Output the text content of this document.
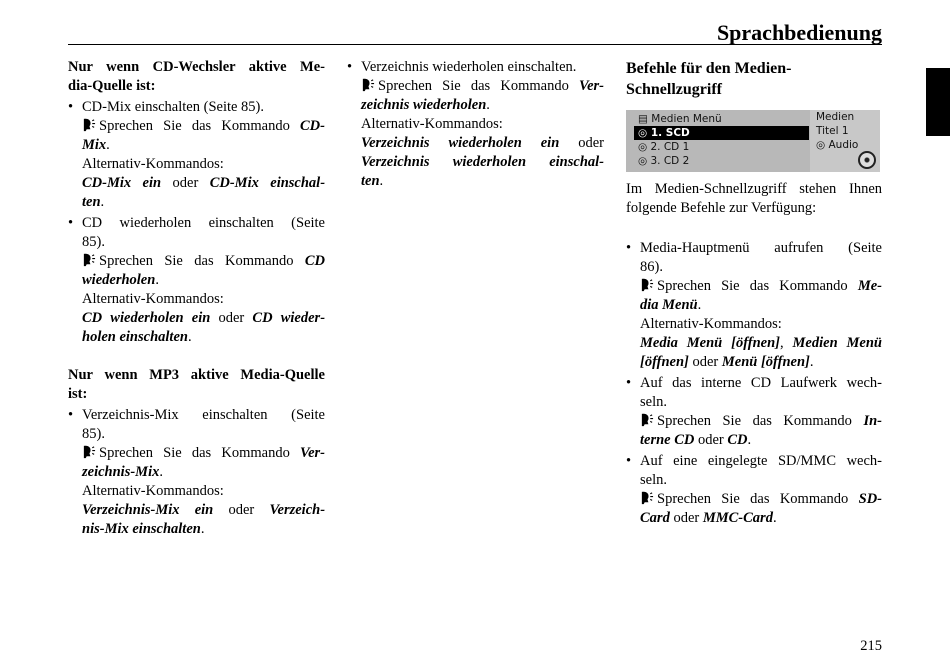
Sprachbedienung

Nur wenn CD-Wechsler aktive Me-
dia-Quelle ist:

• CD-Mix einschalten (Seite 85).
Sprechen Sie das Kommando CD-
Mix.
Alternativ-Kommandos:
CD-Mix ein oder CD-Mix einschal-
ten.
• CD wiederholen einschalten (Seite
85).
Sprechen Sie das Kommando CD
wiederholen.
Alternativ-Kommandos:
CD wiederholen ein oder CD wieder-
holen einschalten.

Nur wenn MP3 aktive Media-Quelle
ist:

• Verzeichnis-Mix einschalten (Seite
85).
Sprechen Sie das Kommando Ver-
zeichnis-Mix.
Alternativ-Kommandos:
Verzeichnis-Mix ein oder Verzeich-
nis-Mix einschalten.
• Verzeichnis wiederholen einschalten.
Sprechen Sie das Kommando Ver-
zeichnis wiederholen.
Alternativ-Kommandos:
Verzeichnis wiederholen ein oder
Verzeichnis wiederholen einschal-
ten.

Befehle für den Medien-
Schnellzugriff

▤ Medien Menü
◎ 1. SCD
◎ 2. CD 1
◎ 3. CD 2
Medien
Titel 1
◎ Audio

Im Medien-Schnellzugriff stehen Ihnen
folgende Befehle zur Verfügung:

• Media-Hauptmenü aufrufen (Seite
86).
Sprechen Sie das Kommando Me-
dia Menü.
Alternativ-Kommandos:
Media Menü [öffnen], Medien Menü
[öffnen] oder Menü [öffnen].
• Auf das interne CD Laufwerk wech-
seln.
Sprechen Sie das Kommando In-
terne CD oder CD.
• Auf eine eingelegte SD/MMC wech-
seln.
Sprechen Sie das Kommando SD-
Card oder MMC-Card.
215
